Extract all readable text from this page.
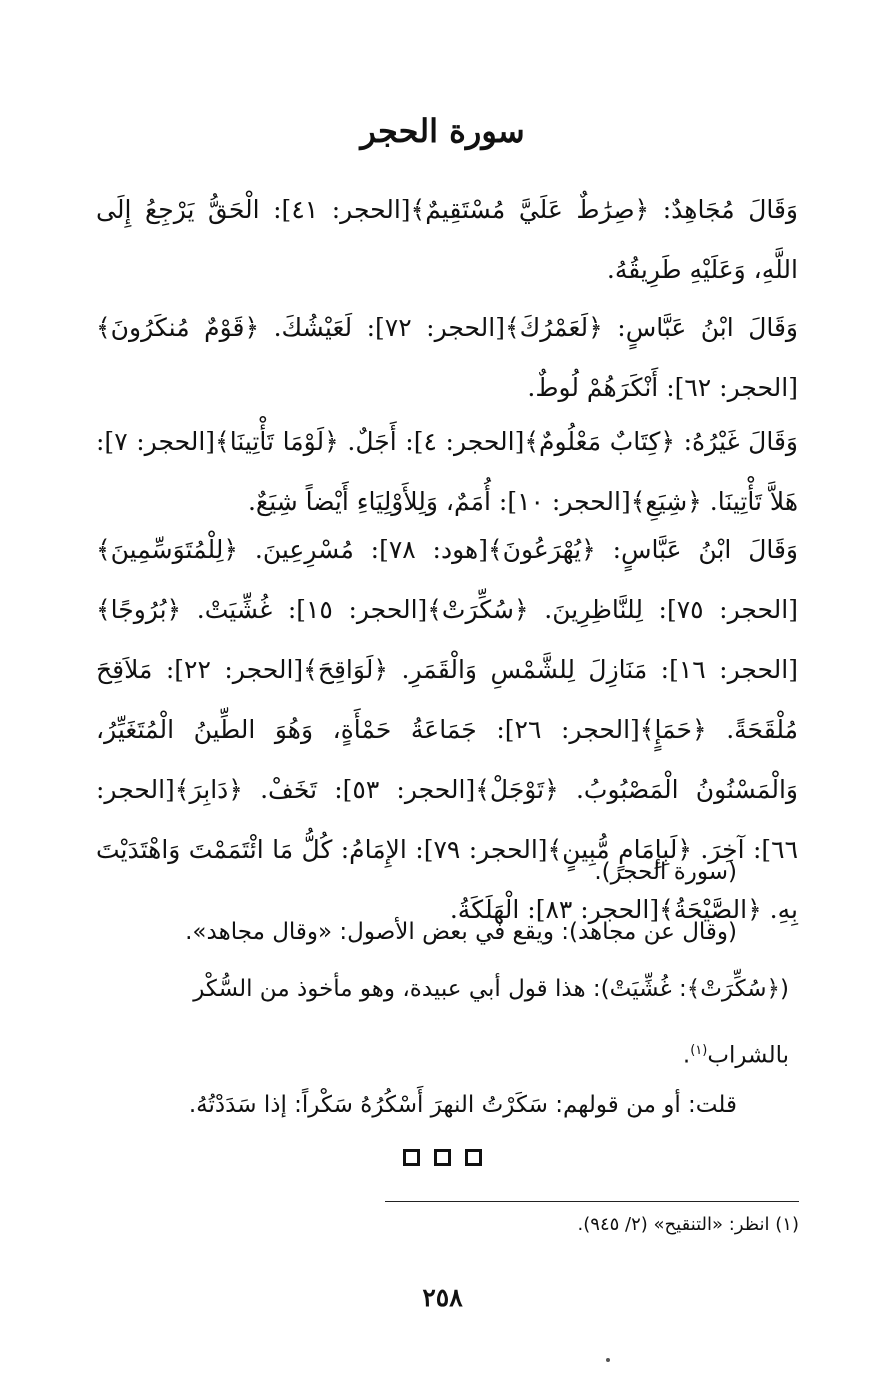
سورة الحجر
وَقَالَ مُجَاهِدٌ: ﴿صِرَٰطٌ عَلَيَّ مُسْتَقِيمٌ﴾[الحجر: ٤١]: الْحَقُّ يَرْجِعُ إِلَى اللَّهِ، وَعَلَيْهِ طَرِيقُهُ.
وَقَالَ ابْنُ عَبَّاسٍ: ﴿لَعَمْرُكَ﴾[الحجر: ٧٢]: لَعَيْشُكَ. ﴿قَوْمٌ مُنكَرُونَ﴾[الحجر: ٦٢]: أَنْكَرَهُمْ لُوطٌ.
وَقَالَ غَيْرُهُ: ﴿كِتَابٌ مَعْلُومٌ﴾[الحجر: ٤]: أَجَلٌ. ﴿لَوْمَا تَأْتِينَا﴾[الحجر: ٧]: هَلاَّ تَأْتِينَا. ﴿شِيَعِ﴾[الحجر: ١٠]: أُمَمٌ، وَلِلأَوْلِيَاءِ أَيْضاً شِيَعٌ.
وَقَالَ ابْنُ عَبَّاسٍ: ﴿يُهْرَعُونَ﴾[هود: ٧٨]: مُسْرِعِينَ. ﴿لِلْمُتَوَسِّمِينَ﴾[الحجر: ٧٥]: لِلنَّاظِرِينَ. ﴿سُكِّرَتْ﴾[الحجر: ١٥]: غُشِّيَتْ. ﴿بُرُوجًا﴾[الحجر: ١٦]: مَنَازِلَ لِلشَّمْسِ وَالْقَمَرِ. ﴿لَوَاقِحَ﴾[الحجر: ٢٢]: مَلاَقِحَ مُلْقَحَةً. ﴿حَمَإٍ﴾[الحجر: ٢٦]: جَمَاعَةُ حَمْأَةٍ، وَهُوَ الطِّينُ الْمُتَغَيِّرُ، وَالْمَسْنُونُ الْمَصْبُوبُ. ﴿تَوْجَلْ﴾[الحجر: ٥٣]: تَخَفْ. ﴿دَابِرَ﴾[الحجر: ٦٦]: آخِرَ. ﴿لَبِإِمَامٍ مُّبِينٍ﴾[الحجر: ٧٩]: الإِمَامُ: كُلُّ مَا ائْتَمَمْتَ وَاهْتَدَيْتَ بِهِ. ﴿الصَّيْحَةُ﴾[الحجر: ٨٣]: الْهَلَكَةُ.
(سورة الحجر).
(وقال عن مجاهد): ويقع في بعض الأصول: «وقال مجاهد».
(﴿سُكِّرَتْ﴾: غُشِّيَتْ): هذا قول أبي عبيدة، وهو مأخوذ من السُّكْر بالشراب$^{(١)}$.
قلت: أو من قولهم: سَكَرْتُ النهرَ أَسْكُرُهُ سَكْراً: إذا سَدَدْتُهُ.

(١) انظر: «التنقيح» (٢/ ٩٤٥).
٢٥٨
